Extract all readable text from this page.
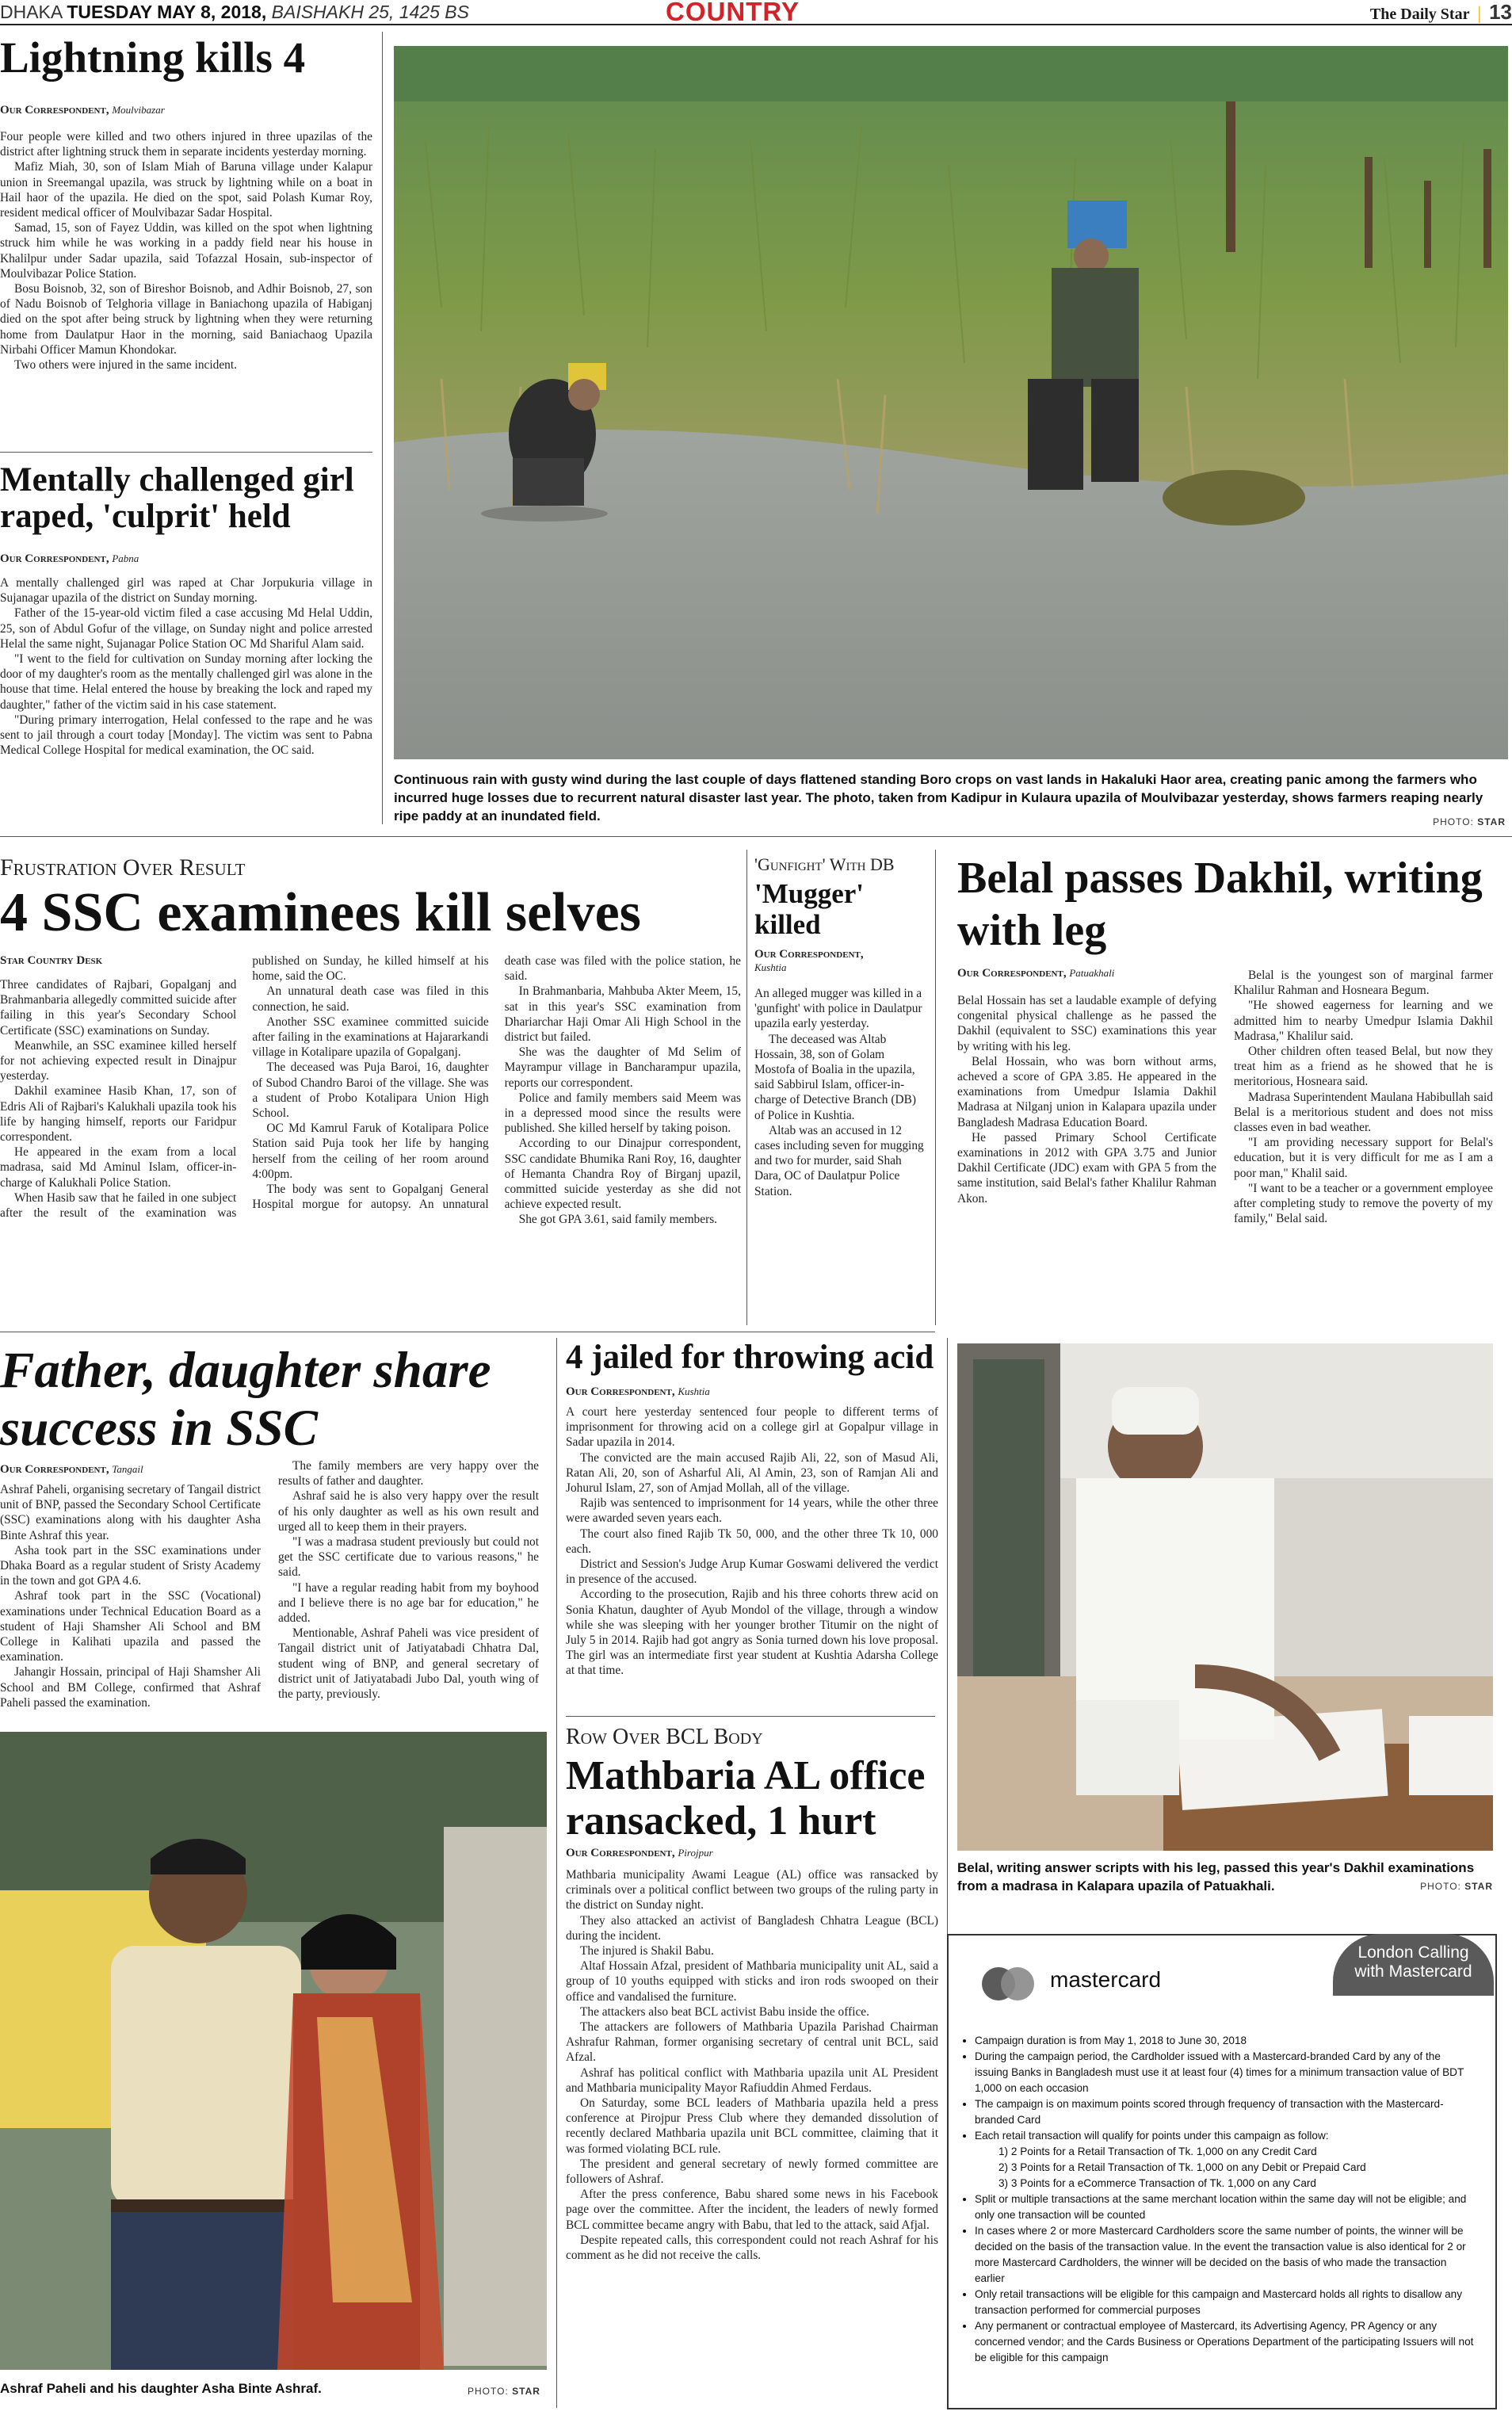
DHAKA TUESDAY MAY 8, 2018, BAISHAKH 25, 1425 BS	COUNTRY	The Daily Star | 13
Lightning kills 4
Our Correspondent, Moulvibazar

Four people were killed and two others injured in three upazilas of the district after lightning struck them in separate incidents yesterday morning.

Mafiz Miah, 30, son of Islam Miah of Baruna village under Kalapur union in Sreemangal upazila, was struck by lightning while on a boat in Hail haor of the upazila. He died on the spot, said Polash Kumar Roy, resident medical officer of Moulvibazar Sadar Hospital.

Samad, 15, son of Fayez Uddin, was killed on the spot when lightning struck him while he was working in a paddy field near his house in Khalilpur under Sadar upazila, said Tofazzal Hosain, sub-inspector of Moulvibazar Police Station.

Bosu Boisnob, 32, son of Bireshor Boisnob, and Adhir Boisnob, 27, son of Nadu Boisnob of Telghoria village in Baniachong upazila of Habiganj died on the spot after being struck by lightning when they were returning home from Daulatpur Haor in the morning, said Baniachaog Upazila Nirbahi Officer Mamun Khondokar.

Two others were injured in the same incident.

Mentally challenged girl raped, 'culprit' held
Our Correspondent, Pabna

A mentally challenged girl was raped at Char Jorpukuria village in Sujanagar upazila of the district on Sunday morning.

Father of the 15-year-old victim filed a case accusing Md Helal Uddin, 25, son of Abdul Gofur of the village, on Sunday night and police arrested Helal the same night, Sujanagar Police Station OC Md Shariful Alam said.

"I went to the field for cultivation on Sunday morning after locking the door of my daughter's room as the mentally challenged girl was alone in the house that time. Helal entered the house by breaking the lock and raped my daughter," father of the victim said in his case statement.

"During primary interrogation, Helal confessed to the rape and he was sent to jail through a court today [Monday]. The victim was sent to Pabna Medical College Hospital for medical examination, the OC said.

Continuous rain with gusty wind during the last couple of days flattened standing Boro crops on vast lands in Hakaluki Haor area, creating panic among the farmers who incurred huge losses due to recurrent natural disaster last year. The photo, taken from Kadipur in Kulaura upazila of Moulvibazar yesterday, shows farmers reaping nearly ripe paddy at an inundated field.	PHOTO: STAR
Frustration Over Result
4 SSC examinees kill selves
Star Country Desk

Three candidates of Rajbari, Gopalganj and Brahmanbaria allegedly committed suicide after failing in this year's Secondary School Certificate (SSC) examinations on Sunday.

Meanwhile, an SSC examinee killed herself for not achieving expected result in Dinajpur yesterday.

Dakhil examinee Hasib Khan, 17, son of Edris Ali of Rajbari's Kalukhali upazila took his life by hanging himself, reports our Faridpur correspondent.

He appeared in the exam from a local madrasa, said Md Aminul Islam, officer-in-charge of Kalukhali Police Station.

When Hasib saw that he failed in one subject after the result of the examination was published on Sunday, he killed himself at his home, said the OC.

An unnatural death case was filed in this connection, he said.

Another SSC examinee committed suicide after failing in the examinations at Hajararkandi village in Kotalipare upazila of Gopalganj.

The deceased was Puja Baroi, 16, daughter of Subod Chandro Baroi of the village. She was a student of Probo Kotalipara Union High School.

OC Md Kamrul Faruk of Kotalipara Police Station said Puja took her life by hanging herself from the ceiling of her room around 4:00pm.

The body was sent to Gopalganj General Hospital morgue for autopsy. An unnatural death case was filed with the police station, he said.

In Brahmanbaria, Mahbuba Akter Meem, 15, sat in this year's SSC examination from Dhariarchar Haji Omar Ali High School in the district but failed.

She was the daughter of Md Selim of Mayrampur village in Bancharampur upazila, reports our correspondent.

Police and family members said Meem was in a depressed mood since the results were published. She killed herself by taking poison.

According to our Dinajpur correspondent, SSC candidate Bhumika Rani Roy, 16, daughter of Hemanta Chandra Roy of Birganj upazil, committed suicide yesterday as she did not achieve expected result.

She got GPA 3.61, said family members.

'Gunfight' With DB
'Mugger' killed
Our Correspondent,
Kushtia

An alleged mugger was killed in a 'gunfight' with police in Daulatpur upazila early yesterday.

The deceased was Altab Hossain, 38, son of Golam Mostofa of Boalia in the upazila, said Sabbirul Islam, officer-in-charge of Detective Branch (DB) of Police in Kushtia.

Altab was an accused in 12 cases including seven for mugging and two for murder, said Shah Dara, OC of Daulatpur Police Station.

Belal passes Dakhil, writing with leg
Our Correspondent, Patuakhali

Belal Hossain has set a laudable example of defying congenital physical challenge as he passed the Dakhil (equivalent to SSC) examinations this year by writing with his leg.

Belal Hossain, who was born without arms, acheved a score of GPA 3.85. He appeared in the examinations from Umedpur Islamia Dakhil Madrasa at Nilganj union in Kalapara upazila under Bangladesh Madrasa Education Board.

He passed Primary School Certificate examinations in 2012 with GPA 3.75 and Junior Dakhil Certificate (JDC) exam with GPA 5 from the same institution, said Belal's father Khalilur Rahman Akon.

Belal is the youngest son of marginal farmer Khalilur Rahman and Hosneara Begum.

"He showed eagerness for learning and we admitted him to nearby Umedpur Islamia Dakhil Madrasa," Khalilur said.

Other children often teased Belal, but now they treat him as a friend as he showed that he is meritorious, Hosneara said.

Madrasa Superintendent Maulana Habibullah said Belal is a meritorious student and does not miss classes even in bad weather.

"I am providing necessary support for Belal's education, but it is very difficult for me as I am a poor man," Khalil said.

"I want to be a teacher or a government employee after completing study to remove the poverty of my family," Belal said.

Belal, writing answer scripts with his leg, passed this year's Dakhil examinations from a madrasa in Kalapara upazila of Patuakhali.	PHOTO: STAR
Father, daughter share success in SSC
Our Correspondent, Tangail

Ashraf Paheli, organising secretary of Tangail district unit of BNP, passed the Secondary School Certificate (SSC) examinations along with his daughter Asha Binte Ashraf this year.

Asha took part in the SSC examinations under Dhaka Board as a regular student of Sristy Academy in the town and got GPA 4.6.

Ashraf took part in the SSC (Vocational) examinations under Technical Education Board as a student of Haji Shamsher Ali School and BM College in Kalihati upazila and passed the examination.

Jahangir Hossain, principal of Haji Shamsher Ali School and BM College, confirmed that Ashraf Paheli passed the examination.

The family members are very happy over the results of father and daughter.

Ashraf said he is also very happy over the result of his only daughter as well as his own result and urged all to keep them in their prayers.

"I was a madrasa student previously but could not get the SSC certificate due to various reasons," he said.

"I have a regular reading habit from my boyhood and I believe there is no age bar for education," he added.

Mentionable, Ashraf Paheli was vice president of Tangail district unit of Jatiyatabadi Chhatra Dal, student wing of BNP, and general secretary of district unit of Jatiyatabadi Jubo Dal, youth wing of the party, previously.

Ashraf Paheli and his daughter Asha Binte Ashraf.	PHOTO: STAR
4 jailed for throwing acid
Our Correspondent, Kushtia

A court here yesterday sentenced four people to different terms of imprisonment for throwing acid on a college girl at Gopalpur village in Sadar upazila in 2014.

The convicted are the main accused Rajib Ali, 22, son of Masud Ali, Ratan Ali, 20, son of Asharful Ali, Al Amin, 23, son of Ramjan Ali and Johurul Islam, 27, son of Amjad Mollah, all of the village.

Rajib was sentenced to imprisonment for 14 years, while the other three were awarded seven years each.

The court also fined Rajib Tk 50, 000, and the other three Tk 10, 000 each.

District and Session's Judge Arup Kumar Goswami delivered the verdict in presence of the accused.

According to the prosecution, Rajib and his three cohorts threw acid on Sonia Khatun, daughter of Ayub Mondol of the village, through a window while she was sleeping with her younger brother Titumir on the night of July 5 in 2014. Rajib had got angry as Sonia turned down his love proposal. The girl was an intermediate first year student at Kushtia Adarsha College at that time.

Row Over BCL Body
Mathbaria AL office ransacked, 1 hurt
Our Correspondent, Pirojpur

Mathbaria municipality Awami League (AL) office was ransacked by criminals over a political conflict between two groups of the ruling party in the district on Sunday night.

They also attacked an activist of Bangladesh Chhatra League (BCL) during the incident.

The injured is Shakil Babu.

Altaf Hossain Afzal, president of Mathbaria municipality unit AL, said a group of 10 youths equipped with sticks and iron rods swooped on their office and vandalised the furniture.

The attackers also beat BCL activist Babu inside the office.

The attackers are followers of Mathbaria Upazila Parishad Chairman Ashrafur Rahman, former organising secretary of central unit BCL, said Afzal.

Ashraf has political conflict with Mathbaria upazila unit AL President and Mathbaria municipality Mayor Rafiuddin Ahmed Ferdaus.

On Saturday, some BCL leaders of Mathbaria upazila held a press conference at Pirojpur Press Club where they demanded dissolution of recently declared Mathbaria upazila unit BCL committee, claiming that it was formed violating BCL rule.

The president and general secretary of newly formed committee are followers of Ashraf.

After the press conference, Babu shared some news in his Facebook page over the committee. After the incident, the leaders of newly formed BCL committee became angry with Babu, that led to the attack, said Afjal.

Despite repeated calls, this correspondent could not reach Ashraf for his comment as he did not receive the calls.

London Calling
with Mastercard
mastercard
• Campaign duration is from May 1, 2018 to June 30, 2018
• During the campaign period, the Cardholder issued with a Mastercard-branded Card by any of the issuing Banks in Bangladesh must use it at least four (4) times for a minimum transaction value of BDT 1,000 on each occasion
• The campaign is on maximum points scored through frequency of transaction with the Mastercard-branded Card
• Each retail transaction will qualify for points under this campaign as follow:
1) 2 Points for a Retail Transaction of Tk. 1,000 on any Credit Card
2) 3 Points for a Retail Transaction of Tk. 1,000 on any Debit or Prepaid Card
3) 3 Points for a eCommerce Transaction of Tk. 1,000 on any Card
• Split or multiple transactions at the same merchant location within the same day will not be eligible; and only one transaction will be counted
• In cases where 2 or more Mastercard Cardholders score the same number of points, the winner will be decided on the basis of the transaction value. In the event the transaction value is also identical for 2 or more Mastercard Cardholders, the winner will be decided on the basis of who made the transaction earlier
• Only retail transactions will be eligible for this campaign and Mastercard holds all rights to disallow any transaction performed for commercial purposes
• Any permanent or contractual employee of Mastercard, its Advertising Agency, PR Agency or any concerned vendor; and the Cards Business or Operations Department of the participating Issuers will not be eligible for this campaign
